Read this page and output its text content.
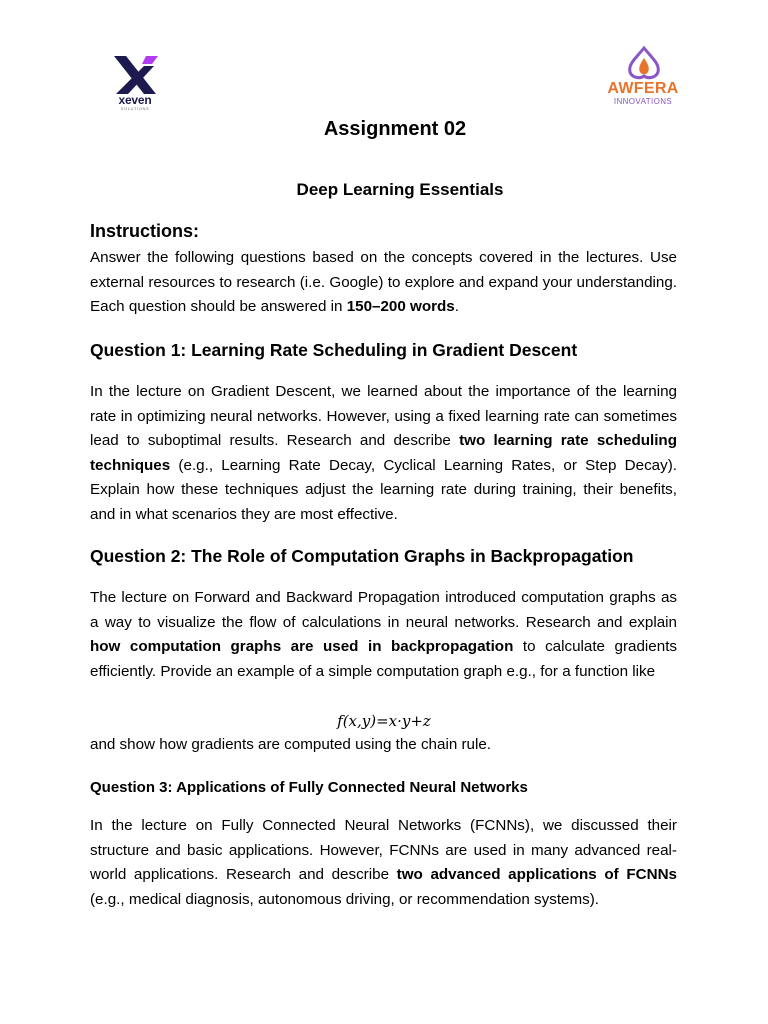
xeven
SOLUTIONS
AWFERA
INNOVATIONS
Assignment 02
Deep Learning Essentials
Instructions:

Answer the following questions based on the concepts covered in the lectures. Use external resources to research (i.e. Google) to explore and expand your understanding. Each question should be answered in 150–200 words.

Question 1: Learning Rate Scheduling in Gradient Descent

In the lecture on Gradient Descent, we learned about the importance of the learning rate in optimizing neural networks. However, using a fixed learning rate can sometimes lead to suboptimal results. Research and describe two learning rate scheduling techniques (e.g., Learning Rate Decay, Cyclical Learning Rates, or Step Decay). Explain how these techniques adjust the learning rate during training, their benefits, and in what scenarios they are most effective.

Question 2: The Role of Computation Graphs in Backpropagation

The lecture on Forward and Backward Propagation introduced computation graphs as a way to visualize the flow of calculations in neural networks. Research and explain how computation graphs are used in backpropagation to calculate gradients efficiently. Provide an example of a simple computation graph e.g., for a function like

f(x,y)=x·y+z

and show how gradients are computed using the chain rule.

Question 3: Applications of Fully Connected Neural Networks

In the lecture on Fully Connected Neural Networks (FCNNs), we discussed their structure and basic applications. However, FCNNs are used in many advanced real-world applications. Research and describe two advanced applications of FCNNs (e.g., medical diagnosis, autonomous driving, or recommendation systems).
